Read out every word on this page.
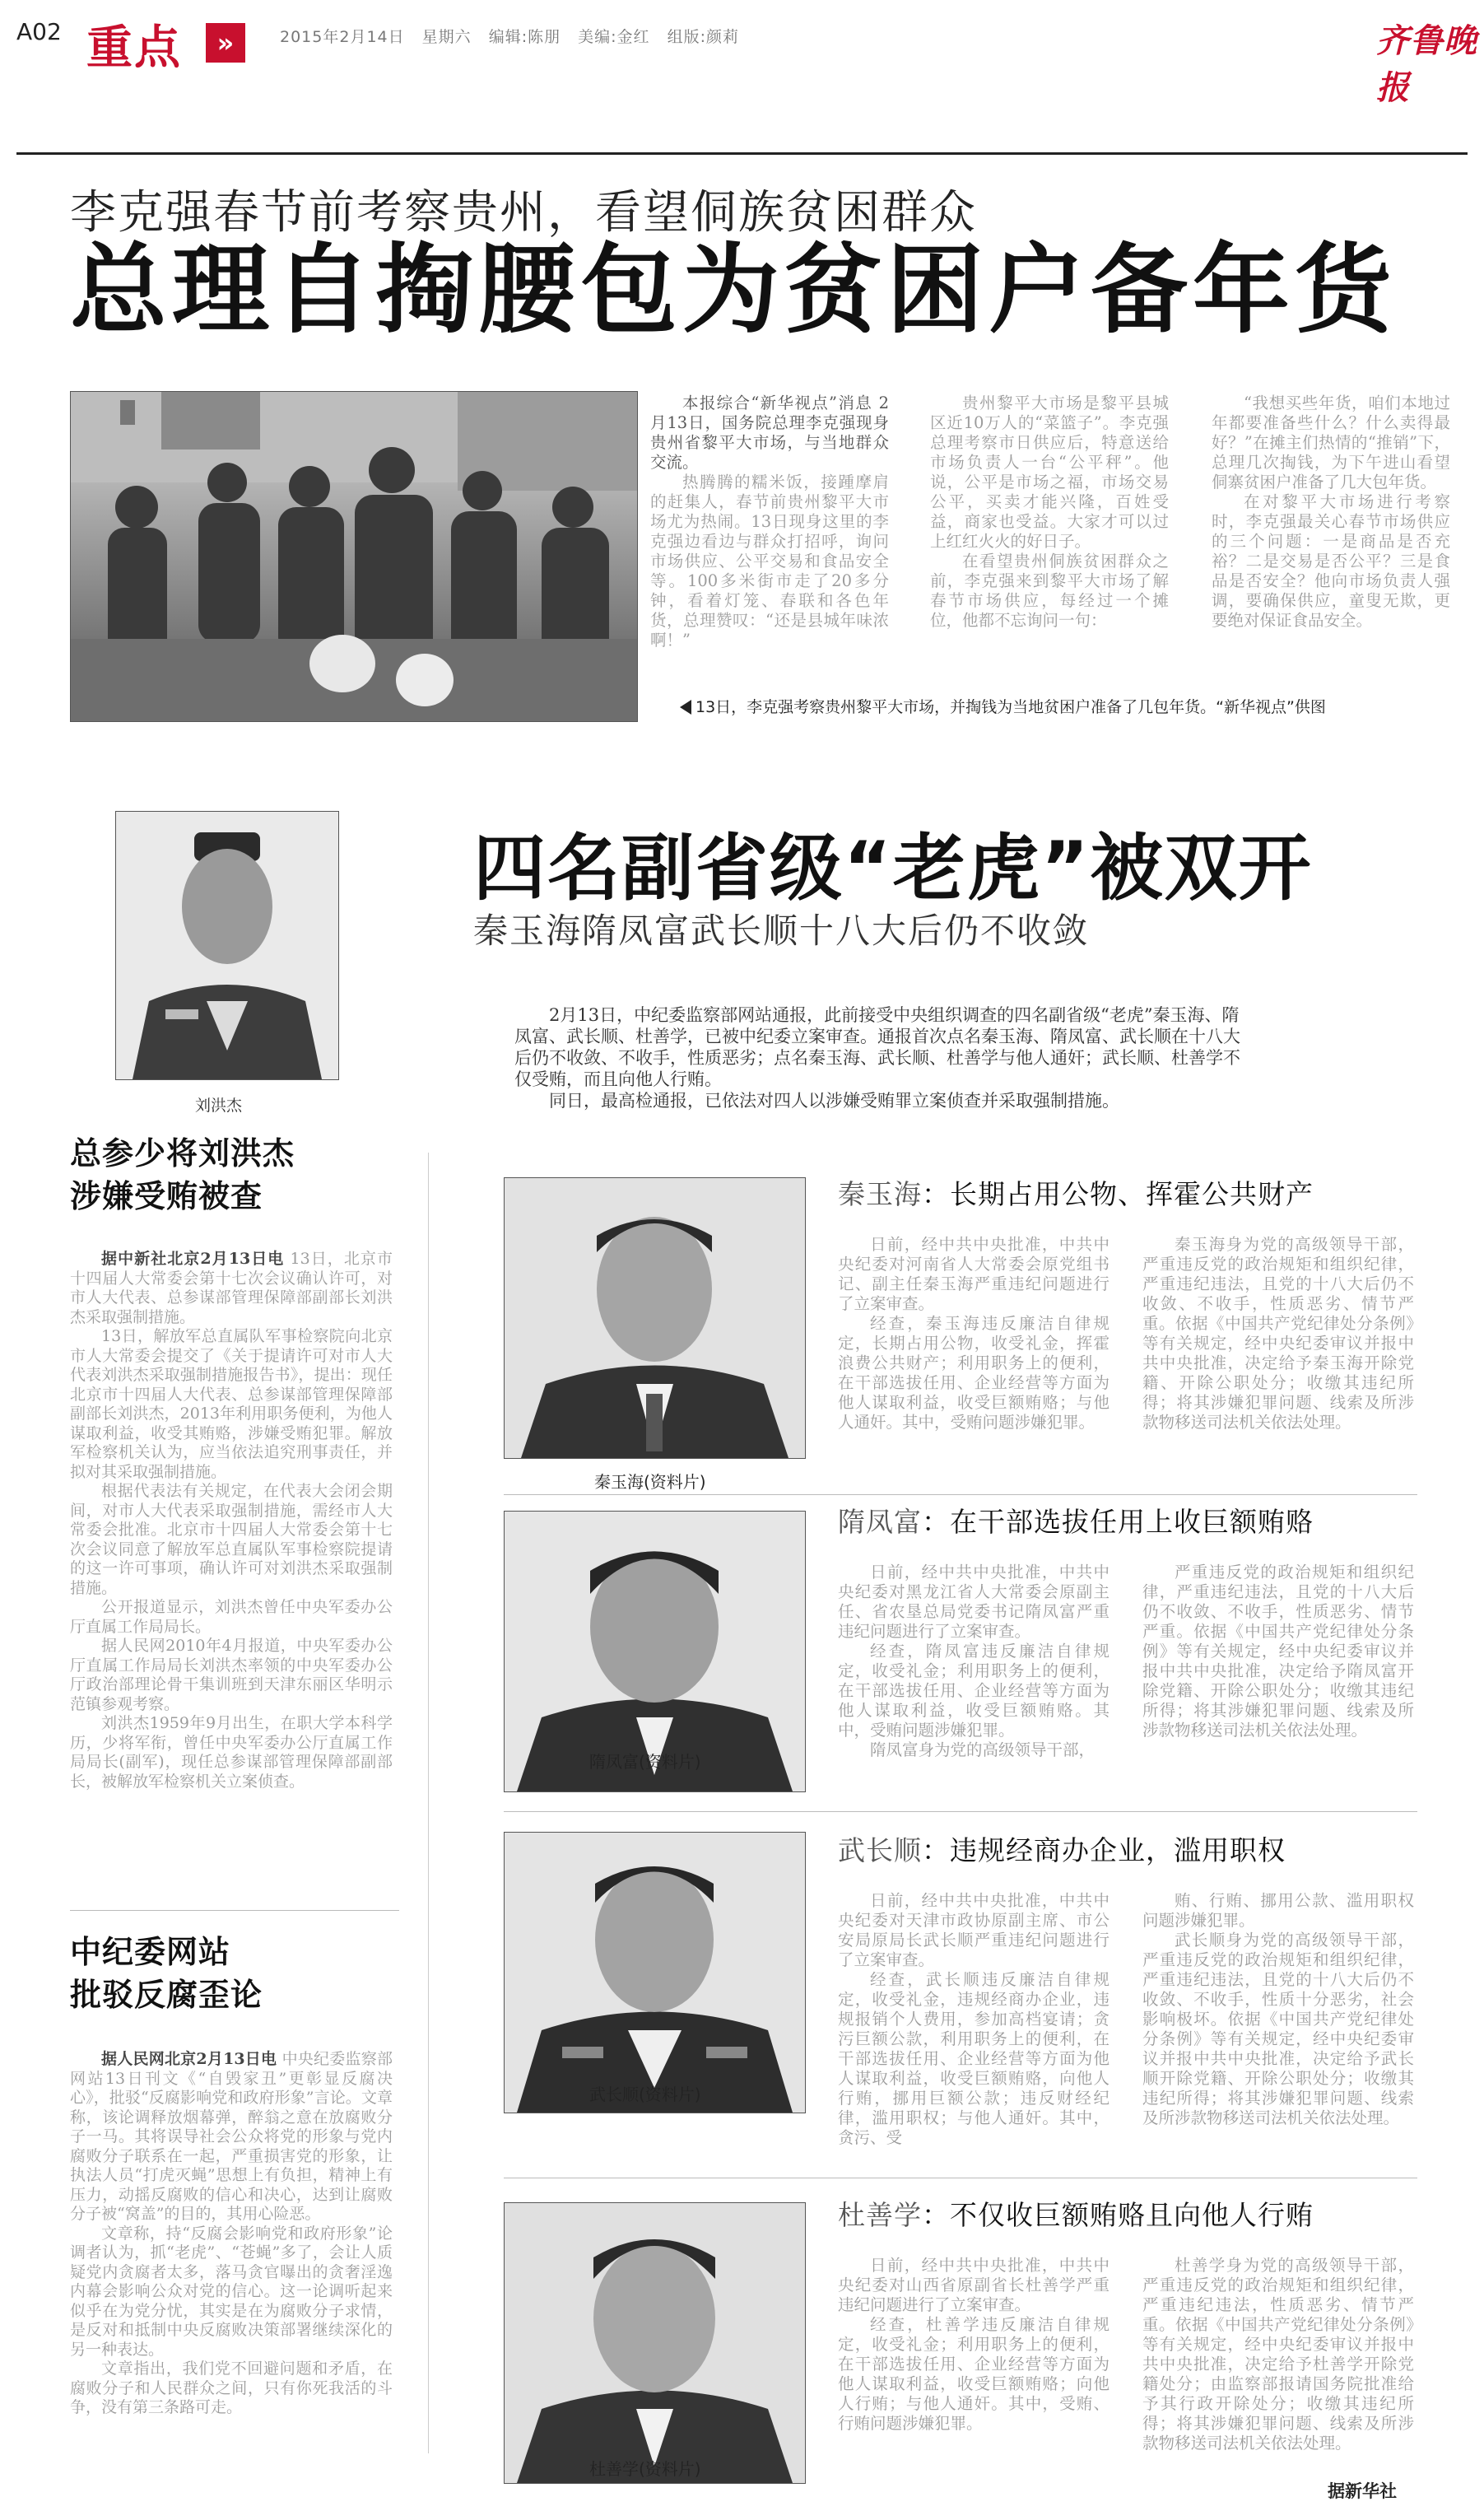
A02 重点	»	2015年2月14日 星期六 编辑:陈朋 美编:金红 组版:颜莉	齐鲁晚报
李克强春节前考察贵州，看望侗族贫困群众
总理自掏腰包为贫困户备年货
13日，李克强考察贵州黎平大市场，并掏钱为当地贫困户准备了几包年货。“新华视点”供图

本报综合“新华视点”消息 2月13日，国务院总理李克强现身贵州省黎平大市场，与当地群众交流。

热腾腾的糯米饭，接踵摩肩的赶集人，春节前贵州黎平大市场尤为热闹。13日现身这里的李克强边看边与群众打招呼，询问市场供应、公平交易和食品安全等。100多米街市走了20多分钟，看着灯笼、春联和各色年货，总理赞叹：“还是县城年味浓啊！”

贵州黎平大市场是黎平县城区近10万人的“菜篮子”。李克强总理考察市日供应后，特意送给市场负责人一台“公平秤”。他说，公平是市场之福，市场交易公平，买卖才能兴隆，百姓受益，商家也受益。大家才可以过上红红火火的好日子。

在看望贵州侗族贫困群众之前，李克强来到黎平大市场了解春节市场供应，每经过一个摊位，他都不忘询问一句：

“我想买些年货，咱们本地过年都要准备些什么？什么卖得最好？”在摊主们热情的“推销”下，总理几次掏钱，为下午进山看望侗寨贫困户准备了几大包年货。

在对黎平大市场进行考察时，李克强最关心春节市场供应的三个问题：一是商品是否充裕？二是交易是否公平？三是食品是否安全？他向市场负责人强调，要确保供应，童叟无欺，更要绝对保证食品安全。

刘洪杰
四名副省级“老虎”被双开
秦玉海隋凤富武长顺十八大后仍不收敛

2月13日，中纪委监察部网站通报，此前接受中央组织调查的四名副省级“老虎”秦玉海、隋凤富、武长顺、杜善学，已被中纪委立案审查。通报首次点名秦玉海、隋凤富、武长顺在十八大后仍不收敛、不收手，性质恶劣；点名秦玉海、武长顺、杜善学与他人通奸；武长顺、杜善学不仅受贿，而且向他人行贿。

同日，最高检通报，已依法对四人以涉嫌受贿罪立案侦查并采取强制措施。

总参少将刘洪杰
涉嫌受贿被查

据中新社北京2月13日电 13日，北京市十四届人大常委会第十七次会议确认许可，对市人大代表、总参谋部管理保障部副部长刘洪杰采取强制措施。

13日，解放军总直属队军事检察院向北京市人大常委会提交了《关于提请许可对市人大代表刘洪杰采取强制措施报告书》，提出：现任北京市十四届人大代表、总参谋部管理保障部副部长刘洪杰，2013年利用职务便利，为他人谋取利益，收受其贿赂，涉嫌受贿犯罪。解放军检察机关认为，应当依法追究刑事责任，并拟对其采取强制措施。

根据代表法有关规定，在代表大会闭会期间，对市人大代表采取强制措施，需经市人大常委会批准。北京市十四届人大常委会第十七次会议同意了解放军总直属队军事检察院提请的这一许可事项，确认许可对刘洪杰采取强制措施。

公开报道显示，刘洪杰曾任中央军委办公厅直属工作局局长。

据人民网2010年4月报道，中央军委办公厅直属工作局局长刘洪杰率领的中央军委办公厅政治部理论骨干集训班到天津东丽区华明示范镇参观考察。

刘洪杰1959年9月出生，在职大学本科学历，少将军衔，曾任中央军委办公厅直属工作局局长(副军)，现任总参谋部管理保障部副部长，被解放军检察机关立案侦查。

中纪委网站
批驳反腐歪论

据人民网北京2月13日电 中央纪委监察部网站13日刊文《“自毁家丑”更彰显反腐决心》，批驳“反腐影响党和政府形象”言论。文章称，该论调释放烟幕弹，醉翁之意在放腐败分子一马。其将误导社会公众将党的形象与党内腐败分子联系在一起，严重损害党的形象，让执法人员“打虎灭蝇”思想上有负担，精神上有压力，动摇反腐败的信心和决心，达到让腐败分子被“窝盖”的目的，其用心险恶。

文章称，持“反腐会影响党和政府形象”论调者认为，抓“老虎”、“苍蝇”多了，会让人质疑党内贪腐者太多，落马贪官曝出的贪奢淫逸内幕会影响公众对党的信心。这一论调听起来似乎在为党分忧，其实是在为腐败分子求情，是反对和抵制中央反腐败决策部署继续深化的另一种表达。

文章指出，我们党不回避问题和矛盾，在腐败分子和人民群众之间，只有你死我活的斗争，没有第三条路可走。

秦玉海(资料片)
秦玉海：长期占用公物、挥霍公共财产

日前，经中共中央批准，中共中央纪委对河南省人大常委会原党组书记、副主任秦玉海严重违纪问题进行了立案审查。

经查，秦玉海违反廉洁自律规定，长期占用公物，收受礼金，挥霍浪费公共财产；利用职务上的便利，在干部选拔任用、企业经营等方面为他人谋取利益，收受巨额贿赂；与他人通奸。其中，受贿问题涉嫌犯罪。

秦玉海身为党的高级领导干部，严重违反党的政治规矩和组织纪律，严重违纪违法，且党的十八大后仍不收敛、不收手，性质恶劣、情节严重。依据《中国共产党纪律处分条例》等有关规定，经中央纪委审议并报中共中央批准，决定给予秦玉海开除党籍、开除公职处分；收缴其违纪所得；将其涉嫌犯罪问题、线索及所涉款物移送司法机关依法处理。

隋凤富(资料片)
隋凤富：在干部选拔任用上收巨额贿赂

日前，经中共中央批准，中共中央纪委对黑龙江省人大常委会原副主任、省农垦总局党委书记隋凤富严重违纪问题进行了立案审查。

经查，隋凤富违反廉洁自律规定，收受礼金；利用职务上的便利，在干部选拔任用、企业经营等方面为他人谋取利益，收受巨额贿赂。其中，受贿问题涉嫌犯罪。

隋凤富身为党的高级领导干部，

严重违反党的政治规矩和组织纪律，严重违纪违法，且党的十八大后仍不收敛、不收手，性质恶劣、情节严重。依据《中国共产党纪律处分条例》等有关规定，经中央纪委审议并报中共中央批准，决定给予隋凤富开除党籍、开除公职处分；收缴其违纪所得；将其涉嫌犯罪问题、线索及所涉款物移送司法机关依法处理。

武长顺(资料片)
武长顺：违规经商办企业，滥用职权

日前，经中共中央批准，中共中央纪委对天津市政协原副主席、市公安局原局长武长顺严重违纪问题进行了立案审查。

经查，武长顺违反廉洁自律规定，收受礼金，违规经商办企业，违规报销个人费用，参加高档宴请；贪污巨额公款，利用职务上的便利，在干部选拔任用、企业经营等方面为他人谋取利益，收受巨额贿赂，向他人行贿，挪用巨额公款；违反财经纪律，滥用职权；与他人通奸。其中，贪污、受

贿、行贿、挪用公款、滥用职权问题涉嫌犯罪。

武长顺身为党的高级领导干部，严重违反党的政治规矩和组织纪律，严重违纪违法，且党的十八大后仍不收敛、不收手，性质十分恶劣，社会影响极坏。依据《中国共产党纪律处分条例》等有关规定，经中央纪委审议并报中共中央批准，决定给予武长顺开除党籍、开除公职处分；收缴其违纪所得；将其涉嫌犯罪问题、线索及所涉款物移送司法机关依法处理。

杜善学(资料片)
杜善学：不仅收巨额贿赂且向他人行贿

日前，经中共中央批准，中共中央纪委对山西省原副省长杜善学严重违纪问题进行了立案审查。

经查，杜善学违反廉洁自律规定，收受礼金；利用职务上的便利，在干部选拔任用、企业经营等方面为他人谋取利益，收受巨额贿赂；向他人行贿；与他人通奸。其中，受贿、行贿问题涉嫌犯罪。

杜善学身为党的高级领导干部，严重违反党的政治规矩和组织纪律，严重违纪违法，性质恶劣、情节严重。依据《中国共产党纪律处分条例》等有关规定，经中央纪委审议并报中共中央批准，决定给予杜善学开除党籍处分；由监察部报请国务院批准给予其行政开除处分；收缴其违纪所得；将其涉嫌犯罪问题、线索及所涉款物移送司法机关依法处理。

据新华社
